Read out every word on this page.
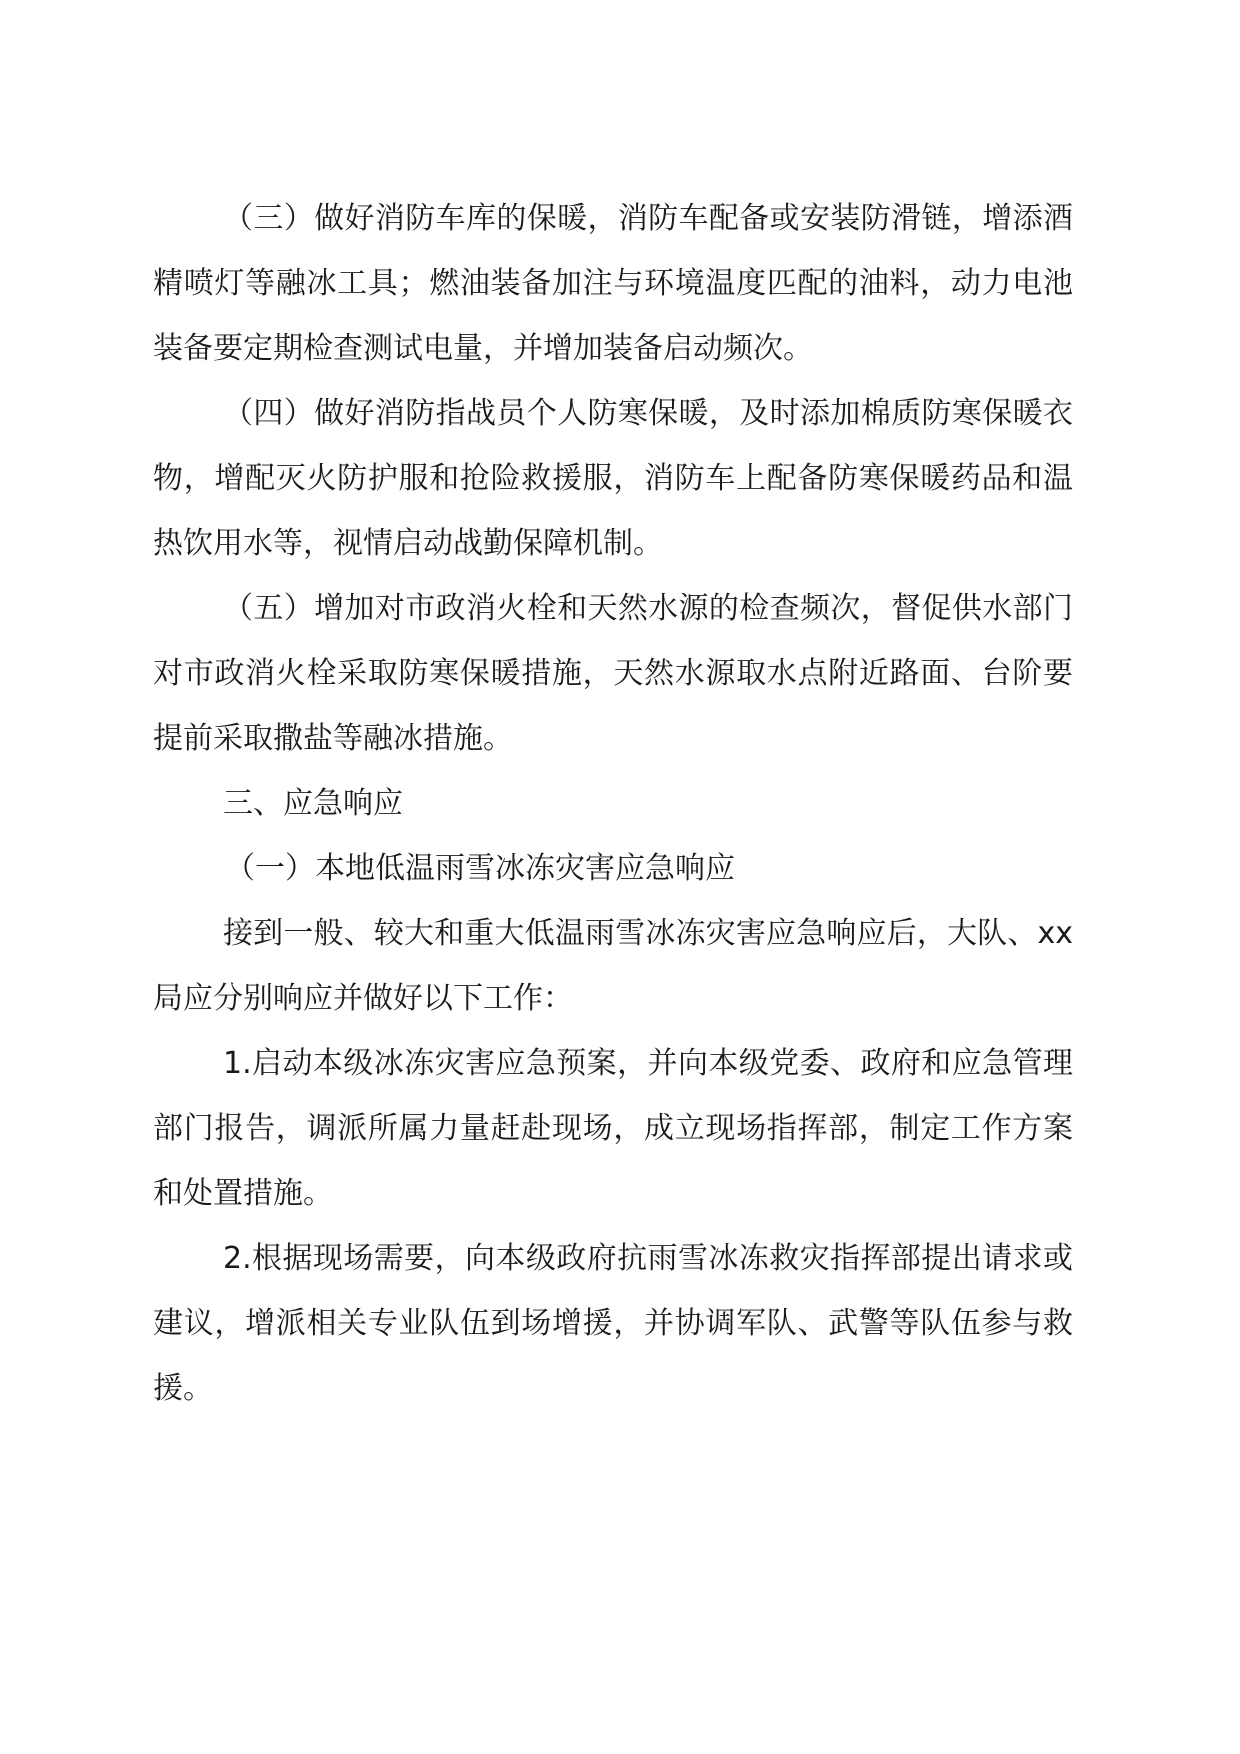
（三）做好消防车库的保暖，消防车配备或安装防滑链，增添酒精喷灯等融冰工具；燃油装备加注与环境温度匹配的油料，动力电池装备要定期检查测试电量，并增加装备启动频次。

（四）做好消防指战员个人防寒保暖，及时添加棉质防寒保暖衣物，增配灭火防护服和抢险救援服，消防车上配备防寒保暖药品和温热饮用水等，视情启动战勤保障机制。

（五）增加对市政消火栓和天然水源的检查频次，督促供水部门对市政消火栓采取防寒保暖措施，天然水源取水点附近路面、台阶要提前采取撒盐等融冰措施。

三、应急响应

（一）本地低温雨雪冰冻灾害应急响应

接到一般、较大和重大低温雨雪冰冻灾害应急响应后，大队、xx局应分别响应并做好以下工作：

1.启动本级冰冻灾害应急预案，并向本级党委、政府和应急管理部门报告，调派所属力量赶赴现场，成立现场指挥部，制定工作方案和处置措施。

2.根据现场需要，向本级政府抗雨雪冰冻救灾指挥部提出请求或建议，增派相关专业队伍到场增援，并协调军队、武警等队伍参与救援。
